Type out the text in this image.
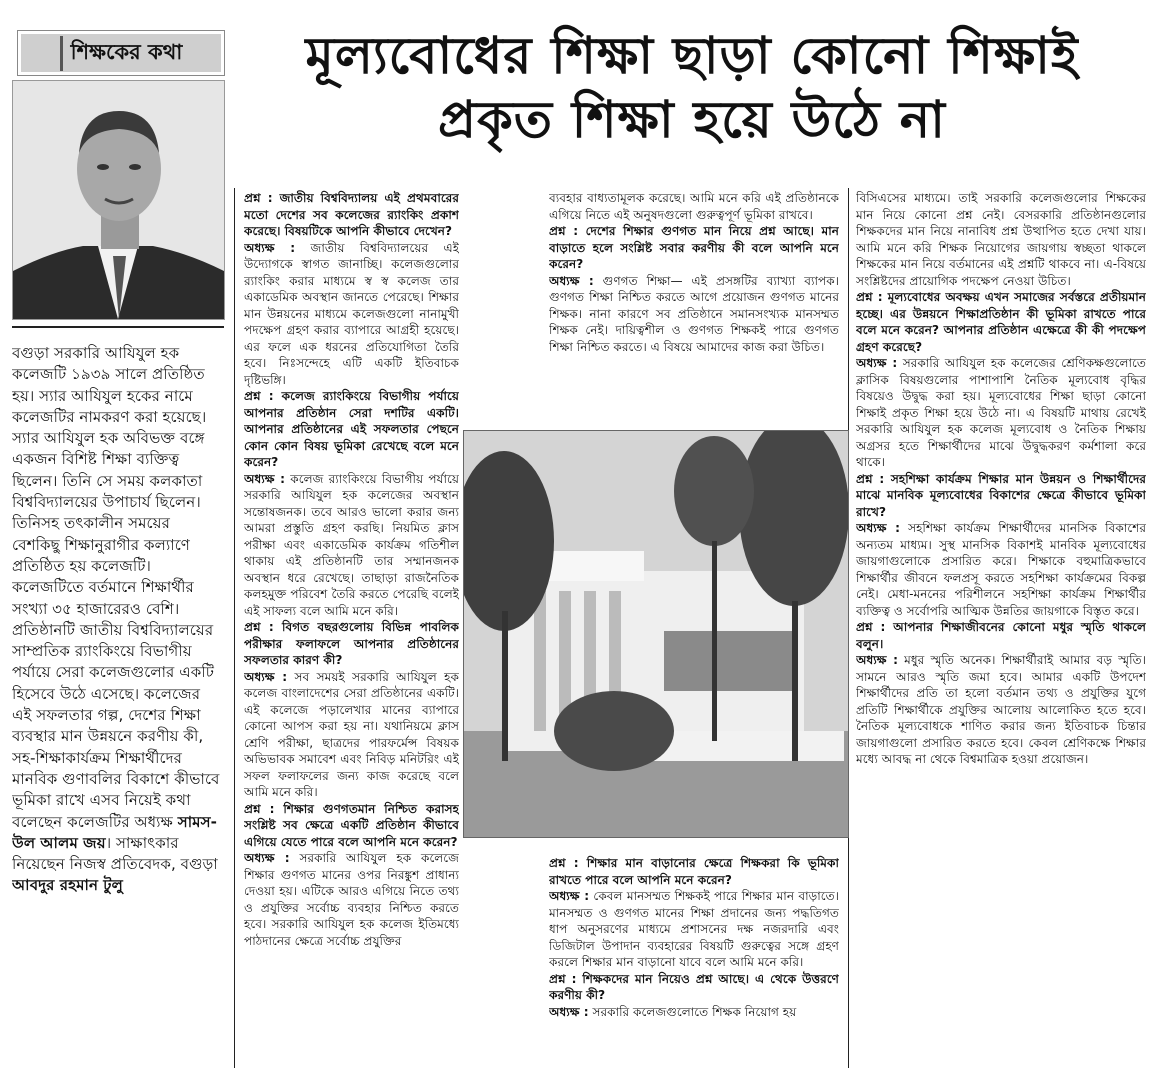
শিক্ষকের কথা	মূল্যবোধের শিক্ষা ছাড়া কোনো শিক্ষাই
প্রকৃত শিক্ষা হয়ে উঠে না

বগুড়া সরকারি আযিযুল হক কলেজটি ১৯৩৯ সালে প্রতিষ্ঠিত হয়। স্যার আযিযুল হকের নামে কলেজটির নামকরণ করা হয়েছে। স্যার আযিযুল হক অবিভক্ত বঙ্গে একজন বিশিষ্ট শিক্ষা ব্যক্তিত্ব ছিলেন। তিনি সে সময় কলকাতা বিশ্ববিদ্যালয়ের উপাচার্য ছিলেন। তিনিসহ তৎকালীন সময়ের বেশকিছু শিক্ষানুরাগীর কল্যাণে প্রতিষ্ঠিত হয় কলেজটি। কলেজটিতে বর্তমানে শিক্ষার্থীর সংখ্যা ৩৫ হাজারেরও বেশি। প্রতিষ্ঠানটি জাতীয় বিশ্ববিদ্যালয়ের সাম্প্রতিক র‍্যাংকিংয়ে বিভাগীয় পর্যায়ে সেরা কলেজগুলোর একটি হিসেবে উঠে এসেছে। কলেজের এই সফলতার গল্প, দেশের শিক্ষা ব্যবস্থার মান উন্নয়নে করণীয় কী, সহ-শিক্ষাকার্যক্রম শিক্ষার্থীদের মানবিক গুণাবলির বিকাশে কীভাবে ভূমিকা রাখে এসব নিয়েই কথা বলেছেন কলেজটির অধ্যক্ষ সামস-উল আলম জয়। সাক্ষাৎকার নিয়েছেন নিজস্ব প্রতিবেদক, বগুড়া আবদুর রহমান টুলু

প্রশ্ন : জাতীয় বিশ্ববিদ্যালয় এই প্রথমবারের মতো দেশের সব কলেজের র‍্যাংকিং প্রকাশ করেছে। বিষয়টিকে আপনি কীভাবে দেখেন?

অধ্যক্ষ : জাতীয় বিশ্ববিদ্যালয়ের এই উদ্যোগকে স্বাগত জানাচ্ছি। কলেজগুলোর র‍্যাংকিং করার মাধ্যমে স্ব স্ব কলেজ তার একাডেমিক অবস্থান জানতে পেরেছে। শিক্ষার মান উন্নয়নের মাধ্যমে কলেজগুলো নানামুখী পদক্ষেপ গ্রহণ করার ব্যাপারে আগ্রহী হয়েছে। এর ফলে এক ধরনের প্রতিযোগিতা তৈরি হবে। নিঃসন্দেহে এটি একটি ইতিবাচক দৃষ্টিভঙ্গি।

প্রশ্ন : কলেজ র‍্যাংকিংয়ে বিভাগীয় পর্যায়ে আপনার প্রতিষ্ঠান সেরা দশটির একটি। আপনার প্রতিষ্ঠানের এই সফলতার পেছনে কোন কোন বিষয় ভূমিকা রেখেছে বলে মনে করেন?

অধ্যক্ষ : কলেজ র‍্যাংকিংয়ে বিভাগীয় পর্যায়ে সরকারি আযিযুল হক কলেজের অবস্থান সন্তোষজনক। তবে আরও ভালো করার জন্য আমরা প্রস্তুতি গ্রহণ করছি। নিয়মিত ক্লাস পরীক্ষা এবং একাডেমিক কার্যক্রম গতিশীল থাকায় এই প্রতিষ্ঠানটি তার সম্মানজনক অবস্থান ধরে রেখেছে। তাছাড়া রাজনৈতিক কলহমুক্ত পরিবেশ তৈরি করতে পেরেছি বলেই এই সাফল্য বলে আমি মনে করি।

প্রশ্ন : বিগত বছরগুলোয় বিভিন্ন পাবলিক পরীক্ষার ফলাফলে আপনার প্রতিষ্ঠানের সফলতার কারণ কী?

অধ্যক্ষ : সব সময়ই সরকারি আযিযুল হক কলেজ বাংলাদেশের সেরা প্রতিষ্ঠানের একটি। এই কলেজে পড়ালেখার মানের ব্যাপারে কোনো আপস করা হয় না। যথানিয়মে ক্লাস শ্রেণি পরীক্ষা, ছাত্রদের পারফর্মেন্স বিষয়ক অভিভাবক সমাবেশ এবং নিবিড় মনিটরিং এই সফল ফলাফলের জন্য কাজ করেছে বলে আমি মনে করি।

প্রশ্ন : শিক্ষার গুণগতমান নিশ্চিত করাসহ সংশ্লিষ্ট সব ক্ষেত্রে একটি প্রতিষ্ঠান কীভাবে এগিয়ে যেতে পারে বলে আপনি মনে করেন?

অধ্যক্ষ : সরকারি আযিযুল হক কলেজে শিক্ষার গুণগত মানের ওপর নিরঙ্কুশ প্রাধান্য দেওয়া হয়। এটিকে আরও এগিয়ে নিতে তথ্য ও প্রযুক্তির সর্বোচ্চ ব্যবহার নিশ্চিত করতে হবে। সরকারি আযিযুল হক কলেজ ইতিমধ্যে পাঠদানের ক্ষেত্রে সর্বোচ্চ প্রযুক্তির

ব্যবহার বাধ্যতামূলক করেছে। আমি মনে করি এই প্রতিষ্ঠানকে এগিয়ে নিতে এই অনুষদগুলো গুরুত্বপূর্ণ ভূমিকা রাখবে।

প্রশ্ন : দেশের শিক্ষার গুণগত মান নিয়ে প্রশ্ন আছে। মান বাড়াতে হলে সংশ্লিষ্ট সবার করণীয় কী বলে আপনি মনে করেন?

অধ্যক্ষ : গুণগত শিক্ষা— এই প্রসঙ্গটির ব্যাখ্যা ব্যাপক। গুণগত শিক্ষা নিশ্চিত করতে আগে প্রয়োজন গুণগত মানের শিক্ষক। নানা কারণে সব প্রতিষ্ঠানে সমানসংখ্যক মানসম্মত শিক্ষক নেই। দায়িত্বশীল ও গুণগত শিক্ষকই পারে গুণগত শিক্ষা নিশ্চিত করতে। এ বিষয়ে আমাদের কাজ করা উচিত।

প্রশ্ন : শিক্ষার মান বাড়ানোর ক্ষেত্রে শিক্ষকরা কি ভূমিকা রাখতে পারে বলে আপনি মনে করেন?

অধ্যক্ষ : কেবল মানসম্মত শিক্ষকই পারে শিক্ষার মান বাড়াতে। মানসম্মত ও গুণগত মানের শিক্ষা প্রদানের জন্য পদ্ধতিগত ধাপ অনুসরণের মাধ্যমে প্রশাসনের দক্ষ নজরদারি এবং ডিজিটাল উপাদান ব্যবহারের বিষয়টি গুরুত্বের সঙ্গে গ্রহণ করলে শিক্ষার মান বাড়ানো যাবে বলে আমি মনে করি।

প্রশ্ন : শিক্ষকদের মান নিয়েও প্রশ্ন আছে। এ থেকে উত্তরণে করণীয় কী?

অধ্যক্ষ : সরকারি কলেজগুলোতে শিক্ষক নিয়োগ হয়

বিসিএসের মাধ্যমে। তাই সরকারি কলেজগুলোর শিক্ষকের মান নিয়ে কোনো প্রশ্ন নেই। বেসরকারি প্রতিষ্ঠানগুলোর শিক্ষকদের মান নিয়ে নানাবিধ প্রশ্ন উত্থাপিত হতে দেখা যায়। আমি মনে করি শিক্ষক নিয়োগের জায়গায় স্বচ্ছতা থাকলে শিক্ষকের মান নিয়ে বর্তমানের এই প্রশ্নটি থাকবে না। এ-বিষয়ে সংশ্লিষ্টদের প্রায়োগিক পদক্ষেপ নেওয়া উচিত।

প্রশ্ন : মূল্যবোধের অবক্ষয় এখন সমাজের সর্বস্তরে প্রতীয়মান হচ্ছে। এর উন্নয়নে শিক্ষাপ্রতিষ্ঠান কী ভূমিকা রাখতে পারে বলে মনে করেন? আপনার প্রতিষ্ঠান এক্ষেত্রে কী কী পদক্ষেপ গ্রহণ করেছে?

অধ্যক্ষ : সরকারি আযিযুল হক কলেজের শ্রেণিকক্ষগুলোতে ক্লাসিক বিষয়গুলোর পাশাপাশি নৈতিক মূল্যবোধ বৃদ্ধির বিষয়েও উদ্বুদ্ধ করা হয়। মূল্যবোধের শিক্ষা ছাড়া কোনো শিক্ষাই প্রকৃত শিক্ষা হয়ে উঠে না। এ বিষয়টি মাথায় রেখেই সরকারি আযিযুল হক কলেজ মূল্যবোধ ও নৈতিক শিক্ষায় অগ্রসর হতে শিক্ষার্থীদের মাঝে উদ্বুদ্ধকরণ কর্মশালা করে থাকে।

প্রশ্ন : সহশিক্ষা কার্যক্রম শিক্ষার মান উন্নয়ন ও শিক্ষার্থীদের মাঝে মানবিক মূল্যবোধের বিকাশের ক্ষেত্রে কীভাবে ভূমিকা রাখে?

অধ্যক্ষ : সহশিক্ষা কার্যক্রম শিক্ষার্থীদের মানসিক বিকাশের অন্যতম মাধ্যম। সুস্থ মানসিক বিকাশই মানবিক মূল্যবোধের জায়গাগুলোকে প্রসারিত করে। শিক্ষাকে বহুমাত্রিকভাবে শিক্ষার্থীর জীবনে ফলপ্রসূ করতে সহশিক্ষা কার্যক্রমের বিকল্প নেই। মেধা-মননের পরিশীলনে সহশিক্ষা কার্যক্রম শিক্ষার্থীর ব্যক্তিত্ব ও সর্বোপরি আত্মিক উন্নতির জায়গাকে বিস্তৃত করে।

প্রশ্ন : আপনার শিক্ষাজীবনের কোনো মধুর স্মৃতি থাকলে বলুন।

অধ্যক্ষ : মধুর স্মৃতি অনেক। শিক্ষার্থীরাই আমার বড় স্মৃতি। সামনে আরও স্মৃতি জমা হবে। আমার একটি উপদেশ শিক্ষার্থীদের প্রতি তা হলো বর্তমান তথ্য ও প্রযুক্তির যুগে প্রতিটি শিক্ষার্থীকে প্রযুক্তির আলোয় আলোকিত হতে হবে। নৈতিক মূল্যবোধকে শাণিত করার জন্য ইতিবাচক চিন্তার জায়গাগুলো প্রসারিত করতে হবে। কেবল শ্রেণিকক্ষে শিক্ষার মধ্যে আবদ্ধ না থেকে বিশ্বমাত্রিক হওয়া প্রয়োজন।
